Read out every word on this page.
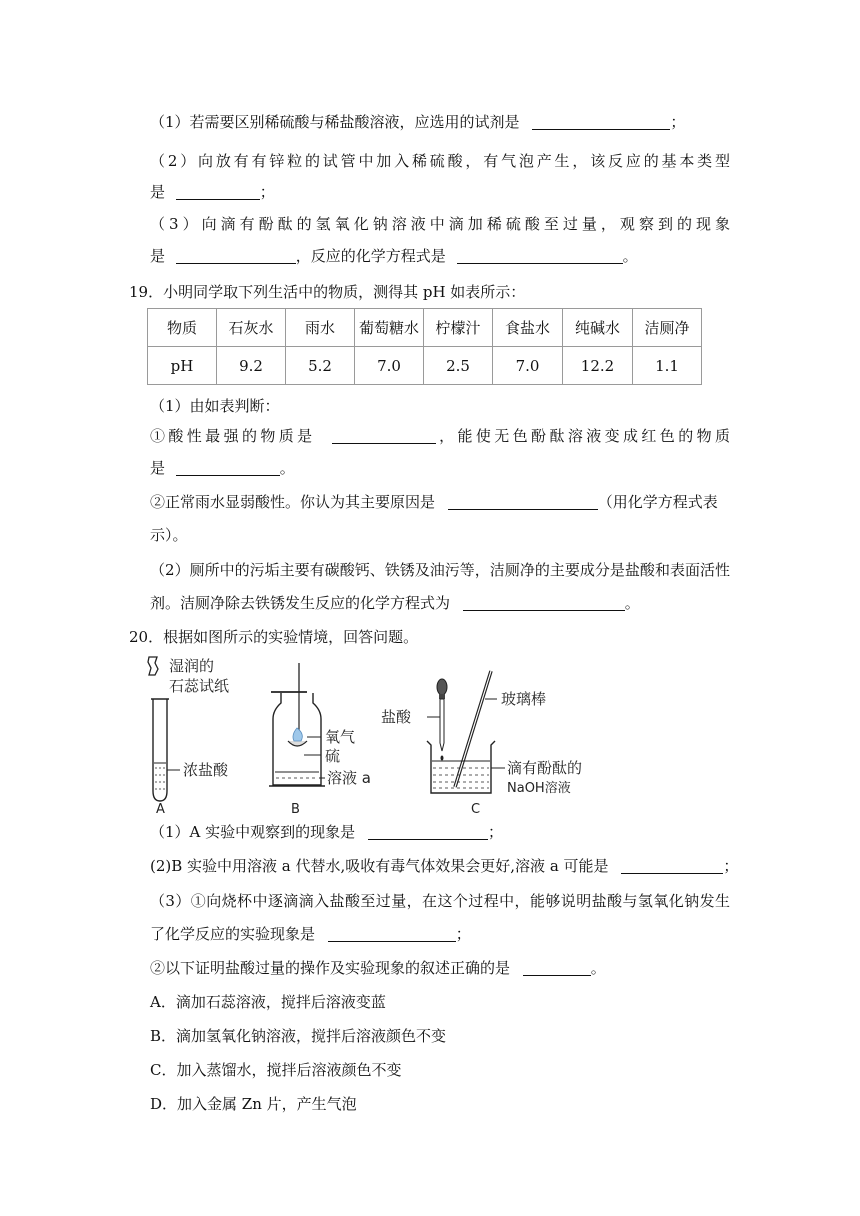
（1）若需要区别稀硫酸与稀盐酸溶液，应选用的试剂是	；
（2）向放有有锌粒的试管中加入稀硫酸，有气泡产生，该反应的基本类型
是	；
（3）向滴有酚酞的氢氧化钠溶液中滴加稀硫酸至过量，观察到的现象
是	，反应的化学方程式是	。
19．小明同学取下列生活中的物质，测得其 pH 如表所示：
物质	石灰水	雨水	葡萄糖水	柠檬汁	食盐水	纯碱水	洁厕净
pH	9.2	5.2	7.0	2.5	7.0	12.2	1.1
（1）由如表判断：
①酸性最强的物质是	，能使无色酚酞溶液变成红色的物质
是	。
②正常雨水显弱酸性。你认为其主要原因是	（用化学方程式表
示）。
（2）厕所中的污垢主要有碳酸钙、铁锈及油污等，洁厕净的主要成分是盐酸和表面活性
剂。洁厕净除去铁锈发生反应的化学方程式为	。
20．根据如图所示的实验情境，回答问题。
湿润的
石蕊试纸
浓盐酸
A
氧气
硫
溶液 a
B
玻璃棒
盐酸
滴有酚酞的
NaOH溶液
C
（1）A 实验中观察到的现象是	；
(2)B 实验中用溶液 a 代替水,吸收有毒气体效果会更好,溶液 a 可能是	；
（3）①向烧杯中逐滴滴入盐酸至过量，在这个过程中，能够说明盐酸与氢氧化钠发生
了化学反应的实验现象是	；
②以下证明盐酸过量的操作及实验现象的叙述正确的是	。
A．滴加石蕊溶液，搅拌后溶液变蓝
B．滴加氢氧化钠溶液，搅拌后溶液颜色不变
C．加入蒸馏水，搅拌后溶液颜色不变
D．加入金属 Zn 片，产生气泡
